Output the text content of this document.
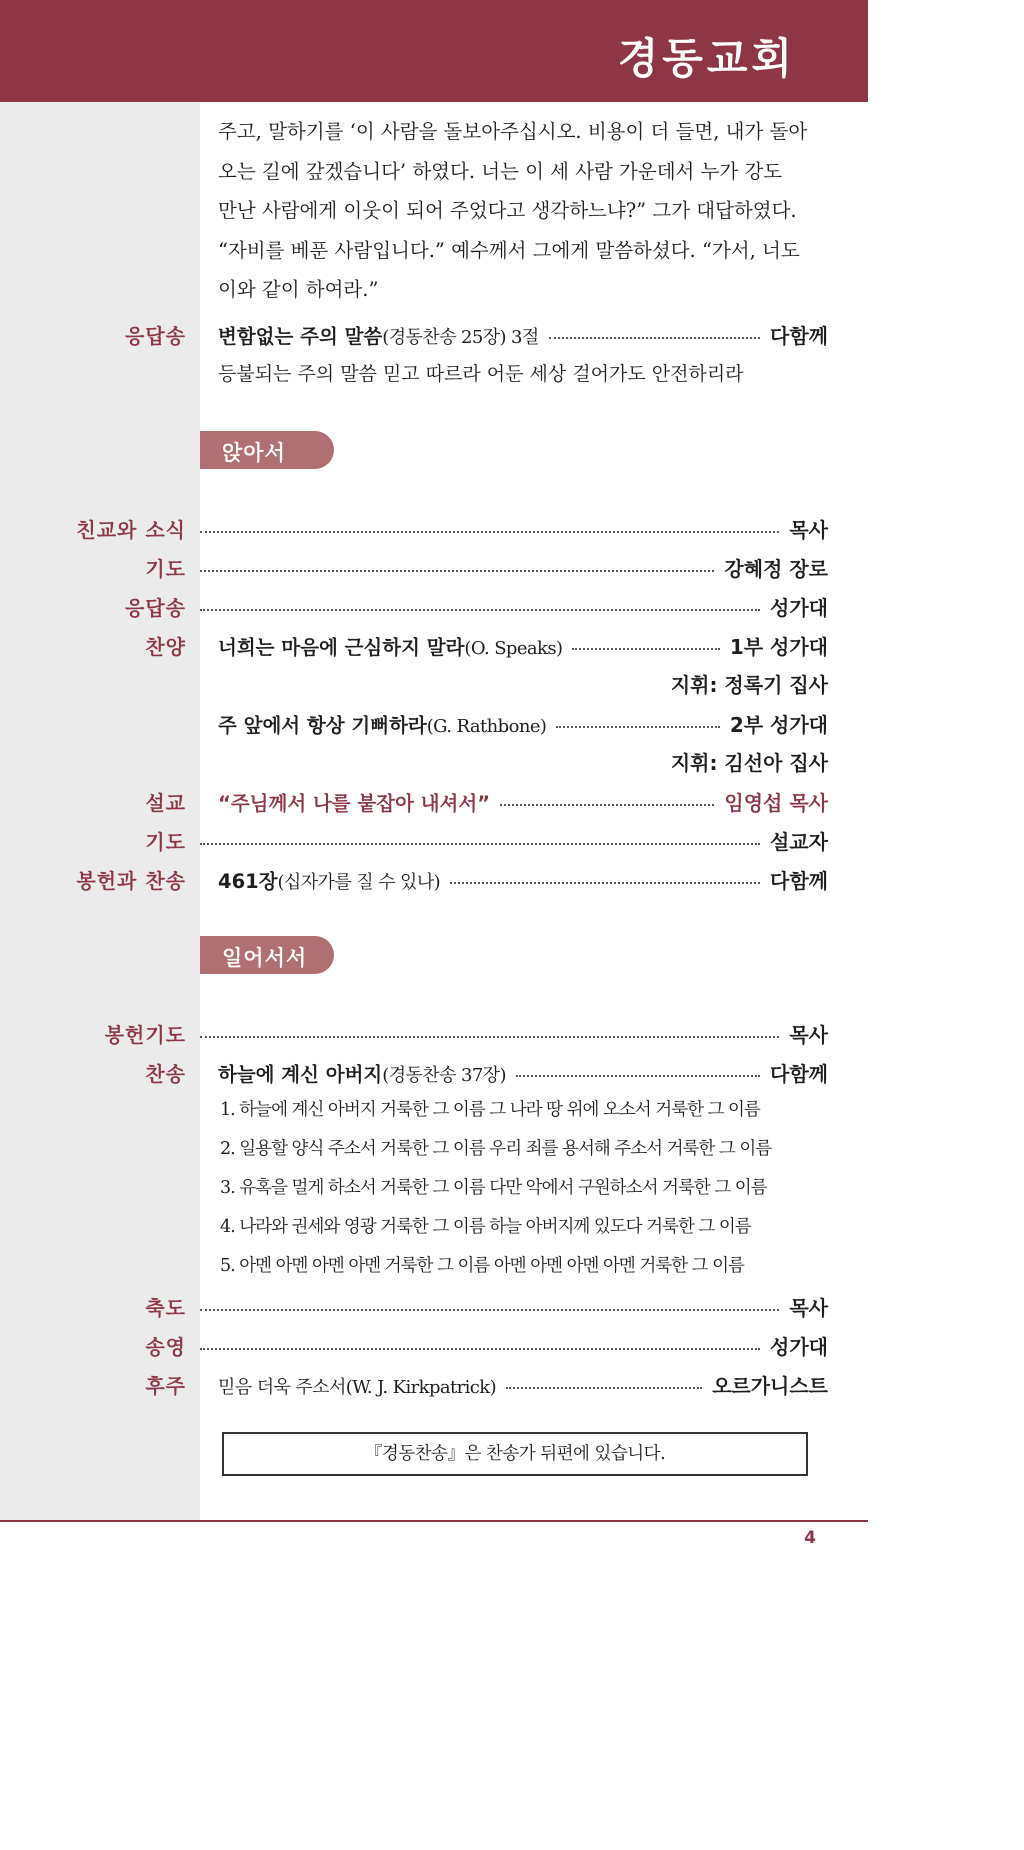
경동교회
주고, 말하기를 ‘이 사람을 돌보아주십시오. 비용이 더 들면, 내가 돌아
오는 길에 갚겠습니다’ 하였다. 너는 이 세 사람 가운데서 누가 강도
만난 사람에게 이웃이 되어 주었다고 생각하느냐?” 그가 대답하였다.
“자비를 베푼 사람입니다.” 예수께서 그에게 말씀하셨다. “가서, 너도
이와 같이 하여라.”
응답송 변함없는 주의 말씀 (경동찬송 25장) 3절	다함께
등불되는 주의 말씀 믿고 따르라 어둔 세상 걸어가도 안전하리라
앉아서
친교와 소식	목사
기도	강혜정 장로
응답송	성가대
찬양 너희는 마음에 근심하지 말라 (O. Speaks)	1부 성가대
지휘: 정록기 집사
주 앞에서 항상 기뻐하라 (G. Rathbone)	2부 성가대
지휘: 김선아 집사
설교 “주님께서 나를 붙잡아 내셔서”	임영섭 목사
기도	설교자
봉헌과 찬송 461장 (십자가를 질 수 있나)	다함께
일어서서
봉헌기도	목사
찬송 하늘에 계신 아버지 (경동찬송 37장)	다함께
1. 하늘에 계신 아버지 거룩한 그 이름 그 나라 땅 위에 오소서 거룩한 그 이름
2. 일용할 양식 주소서 거룩한 그 이름 우리 죄를 용서해 주소서 거룩한 그 이름
3. 유혹을 멀게 하소서 거룩한 그 이름 다만 악에서 구원하소서 거룩한 그 이름
4. 나라와 권세와 영광 거룩한 그 이름 하늘 아버지께 있도다 거룩한 그 이름
5. 아멘 아멘 아멘 아멘 거룩한 그 이름 아멘 아멘 아멘 아멘 거룩한 그 이름
축도	목사
송영	성가대
후주 믿음 더욱 주소서(W. J. Kirkpatrick)	오르가니스트
『경동찬송』은 찬송가 뒤편에 있습니다.
4
